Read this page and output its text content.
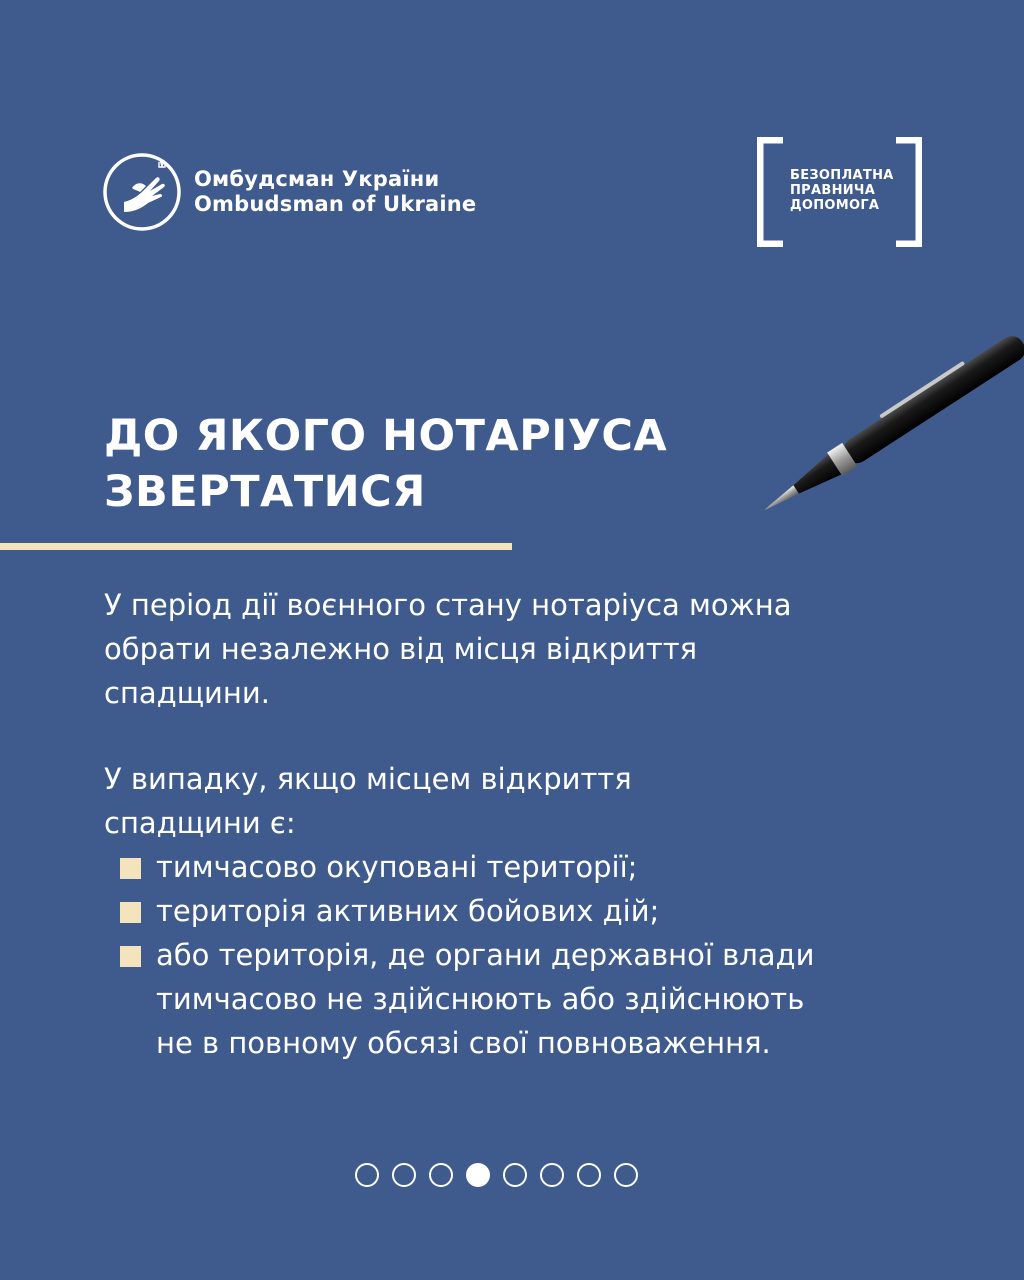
Омбудсман України
Ombudsman of Ukraine
БЕЗОПЛАТНА
ПРАВНИЧА
ДОПОМОГА
ДО ЯКОГО НОТАРІУСА
ЗВЕРТАТИСЯ
У період дії воєнного стану нотаріуса можна
обрати незалежно від місця відкриття
спадщини.
У випадку, якщо місцем відкриття
спадщини є:
тимчасово окуповані території;
територія активних бойових дій;
або територія, де органи державної влади
тимчасово не здійснюють або здійснюють
не в повному обсязі свої повноваження.
